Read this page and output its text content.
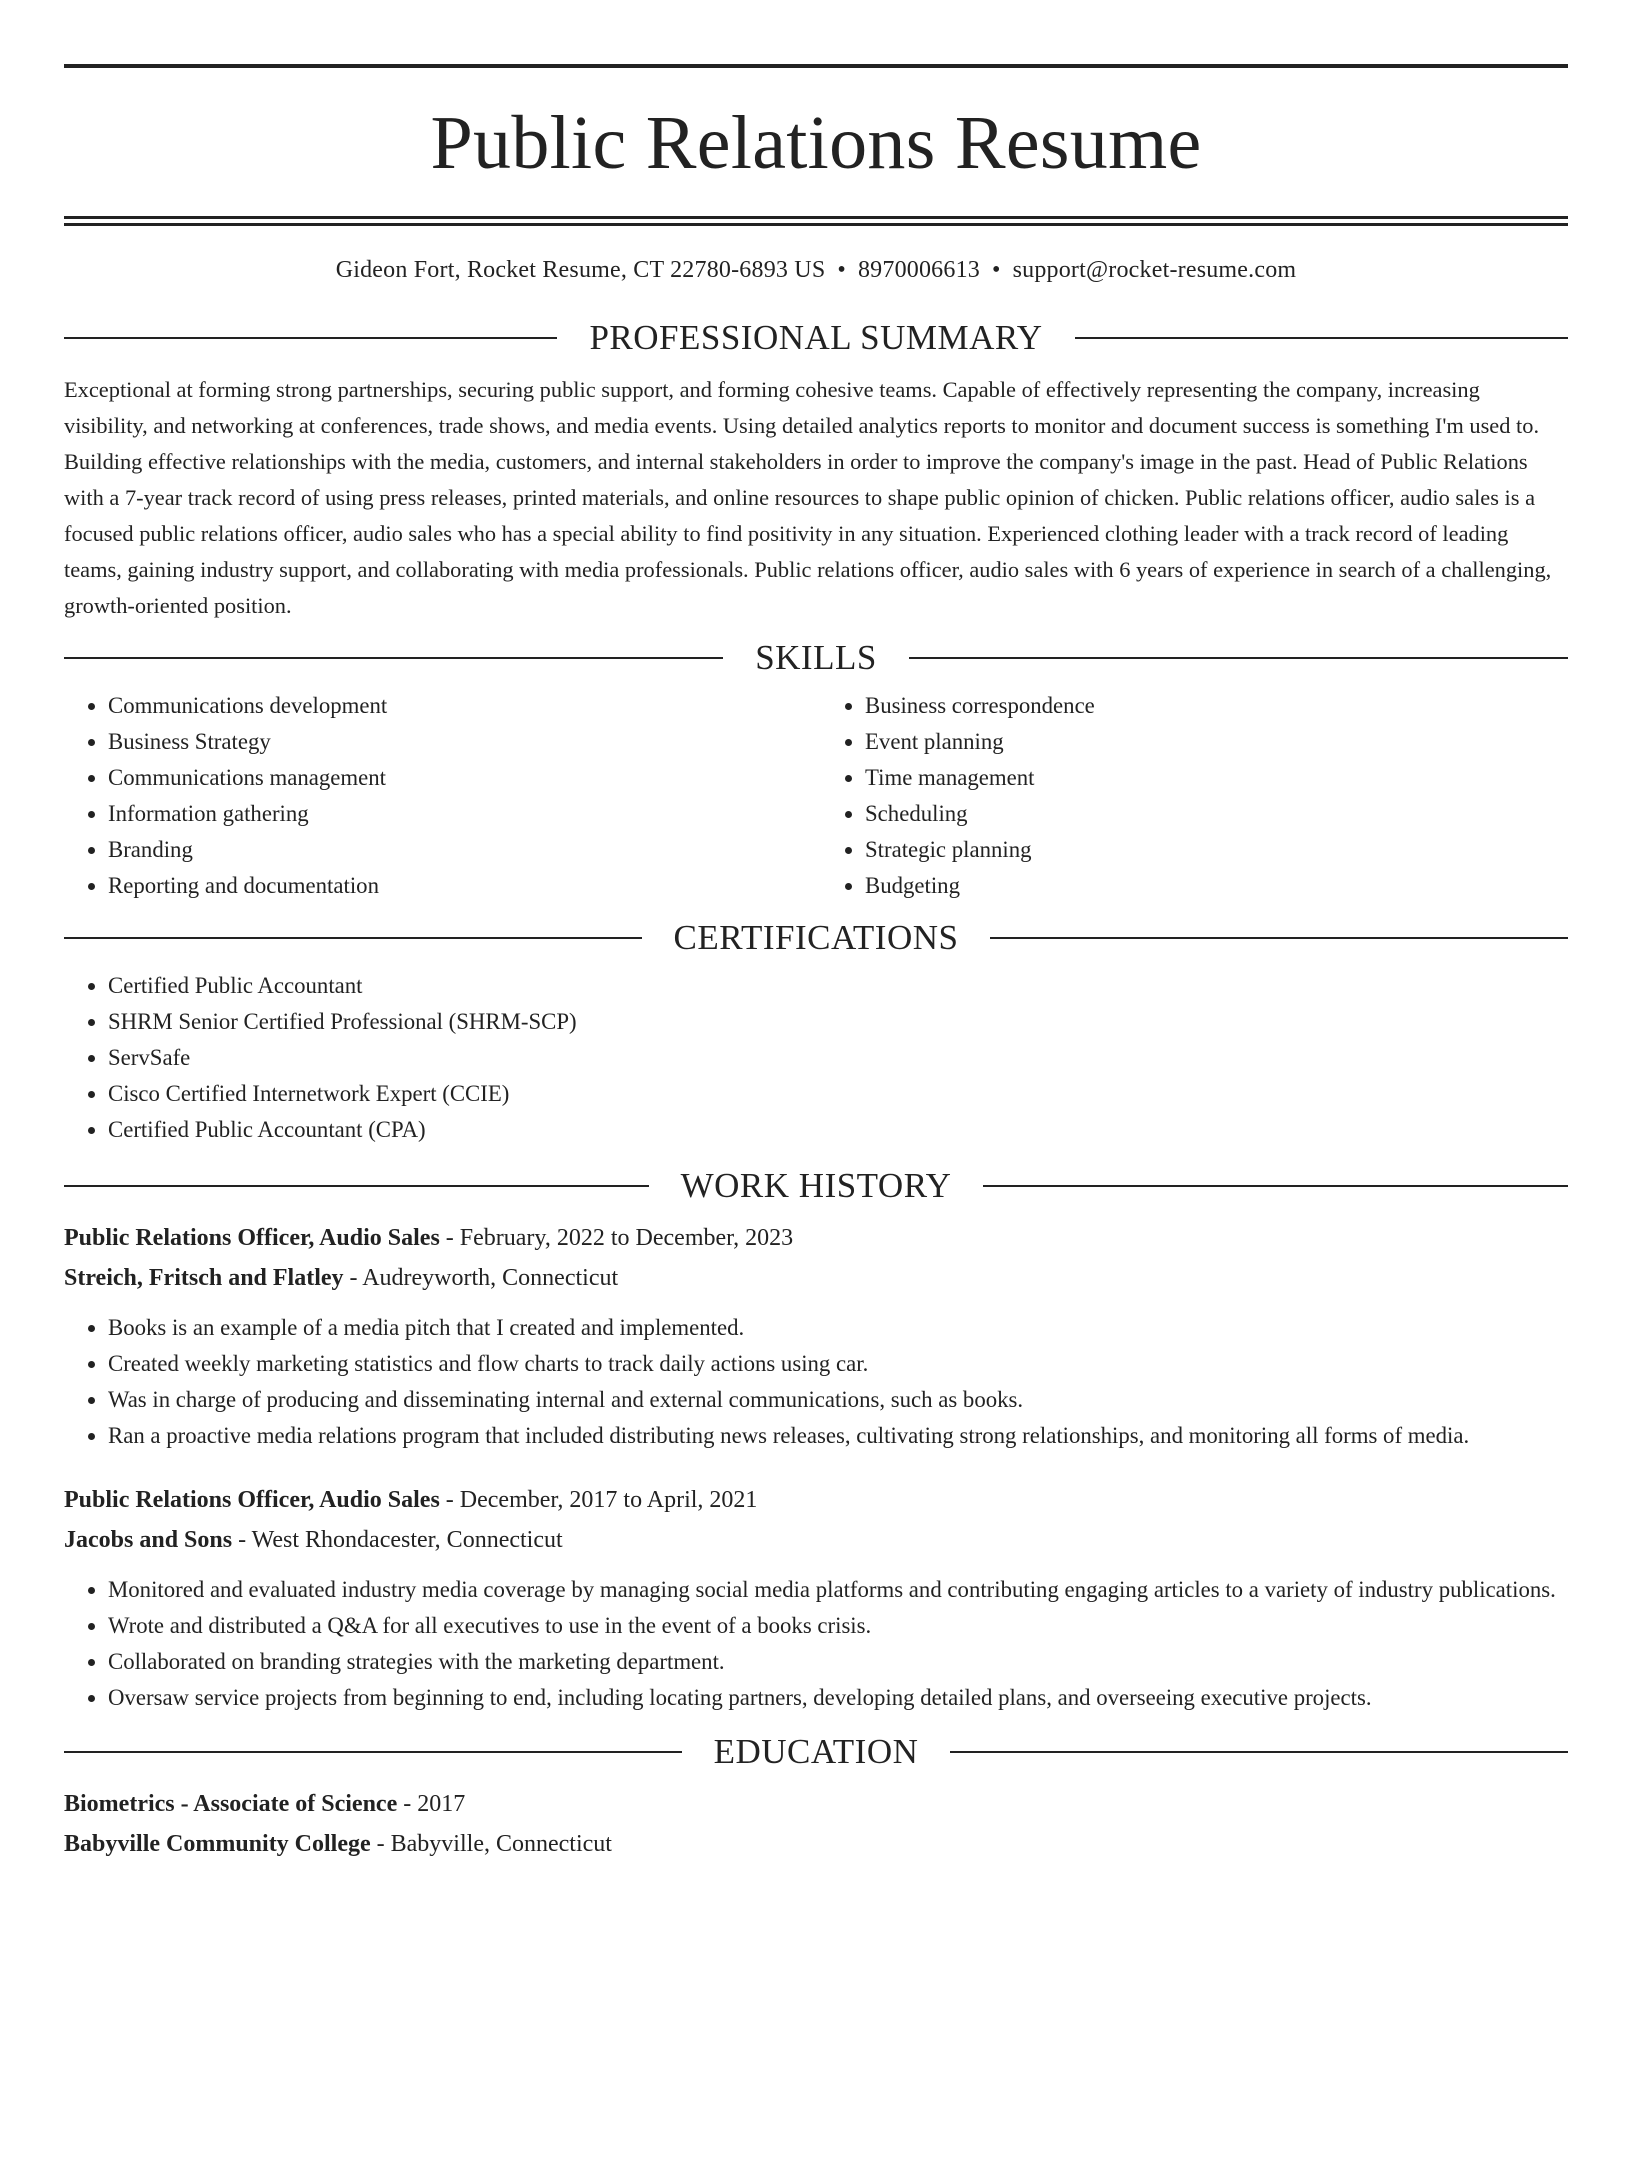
Public Relations Resume
Gideon Fort, Rocket Resume, CT 22780-6893 US • 8970006613 • support@rocket-resume.com
PROFESSIONAL SUMMARY

Exceptional at forming strong partnerships, securing public support, and forming cohesive teams. Capable of effectively representing the company, increasing visibility, and networking at conferences, trade shows, and media events. Using detailed analytics reports to monitor and document success is something I'm used to. Building effective relationships with the media, customers, and internal stakeholders in order to improve the company's image in the past. Head of Public Relations with a 7-year track record of using press releases, printed materials, and online resources to shape public opinion of chicken. Public relations officer, audio sales is a focused public relations officer, audio sales who has a special ability to find positivity in any situation. Experienced clothing leader with a track record of leading teams, gaining industry support, and collaborating with media professionals. Public relations officer, audio sales with 6 years of experience in search of a challenging, growth-oriented position.

SKILLS
• Communications development
• Business Strategy
• Communications management
• Information gathering
• Branding
• Reporting and documentation
• Business correspondence
• Event planning
• Time management
• Scheduling
• Strategic planning
• Budgeting
CERTIFICATIONS
• Certified Public Accountant
• SHRM Senior Certified Professional (SHRM-SCP)
• ServSafe
• Cisco Certified Internetwork Expert (CCIE)
• Certified Public Accountant (CPA)
WORK HISTORY
Public Relations Officer, Audio Sales - February, 2022 to December, 2023
Streich, Fritsch and Flatley - Audreyworth, Connecticut
• Books is an example of a media pitch that I created and implemented.
• Created weekly marketing statistics and flow charts to track daily actions using car.
• Was in charge of producing and disseminating internal and external communications, such as books.
• Ran a proactive media relations program that included distributing news releases, cultivating strong relationships, and monitoring all forms of media.
Public Relations Officer, Audio Sales - December, 2017 to April, 2021
Jacobs and Sons - West Rhondacester, Connecticut
• Monitored and evaluated industry media coverage by managing social media platforms and contributing engaging articles to a variety of industry publications.
• Wrote and distributed a Q&A for all executives to use in the event of a books crisis.
• Collaborated on branding strategies with the marketing department.
• Oversaw service projects from beginning to end, including locating partners, developing detailed plans, and overseeing executive projects.
EDUCATION
Biometrics - Associate of Science - 2017
Babyville Community College - Babyville, Connecticut
